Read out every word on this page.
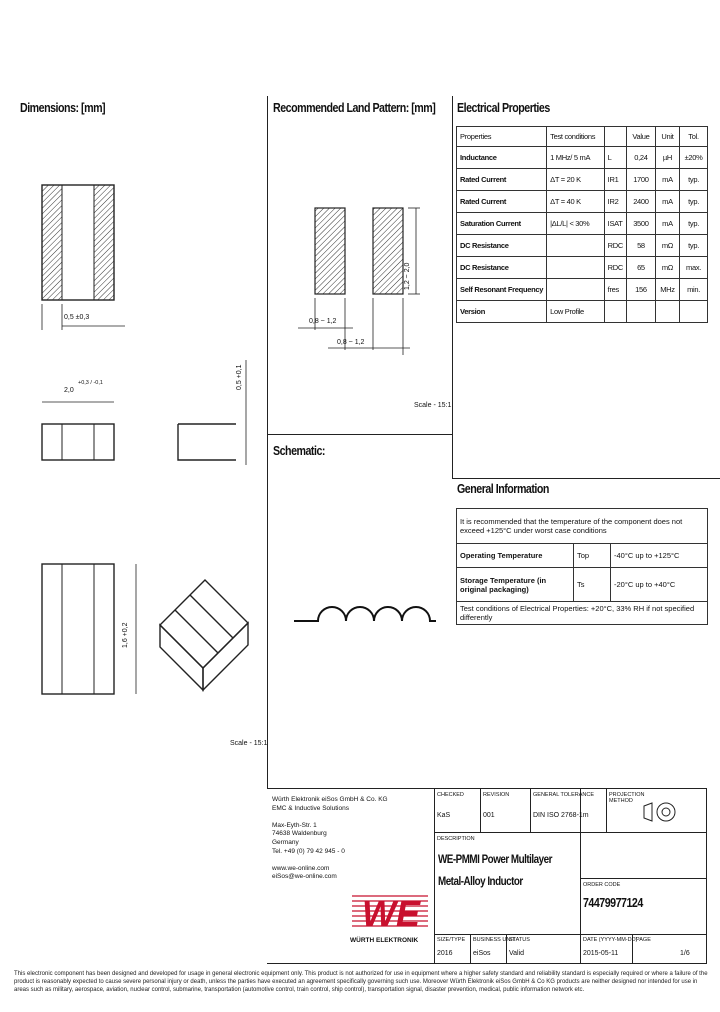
Dimensions: [mm]	Recommended Land Pattern: [mm] Electrical Properties
Schematic:
General Information
0,5 ±0,3
2,0
+0,3 / -0,1	0,5 +0,1
1,6 +0,2
Scale - 15:1
0,8 ~ 1,2
0,8 ~ 1,2
1,2 ~ 2,0
Scale - 15:1
Properties	Test conditions		Value	Unit	Tol.
Inductance	1 MHz/ 5 mA	L	0,24	µH	±20%
Rated Current	ΔT = 20 K	IR1	1700	mA	typ.
Rated Current	ΔT = 40 K	IR2	2400	mA	typ.
Saturation Current	|ΔL/L| < 30%	ISAT	3500	mA	typ.
DC Resistance		RDC	58	mΩ	typ.
DC Resistance		RDC	65	mΩ	max.
Self Resonant Frequency		fres	156	MHz	min.
Version	Low Profile				
It is recommended that the temperature of the component does not exceed +125°C under worst case conditions		
Operating Temperature	Top	-40°C up to +125°C
Storage Temperature (in original packaging)	Ts	-20°C up to +40°C
Test conditions of Electrical Properties: +20°C, 33% RH if not specified differently		
Würth Elektronik eiSos GmbH & Co. KG
EMC & Inductive Solutions

Max-Eyth-Str. 1
74638 Waldenburg
Germany
Tel. +49 (0) 79 42 945 - 0

www.we-online.com
eiSos@we-online.com
WE
WÜRTH ELEKTRONIK
CHECKED
KaS
REVISION
001
GENERAL TOLERANCE
DIN ISO 2768-1m
PROJECTION METHOD
DESCRIPTION
WE-PMMI Power Multilayer
Metal-Alloy Inductor	ORDER CODE
74479977124
SIZE/TYPE
2016
BUSINESS UNIT
eiSos
STATUS
Valid
DATE (YYYY-MM-DD)
2015-05-11
PAGE
1/6
This electronic component has been designed and developed for usage in general electronic equipment only. This product is not authorized for use in equipment where a higher safety standard and reliability standard is especially required or where a failure of the product is reasonably expected to cause severe personal injury or death, unless the parties have executed an agreement specifically governing such use. Moreover Würth Elektronik eiSos GmbH & Co KG products are neither designed nor intended for use in areas such as military, aerospace, aviation, nuclear control, submarine, transportation (automotive control, train control, ship control), transportation signal, disaster prevention, medical, public information network etc.
